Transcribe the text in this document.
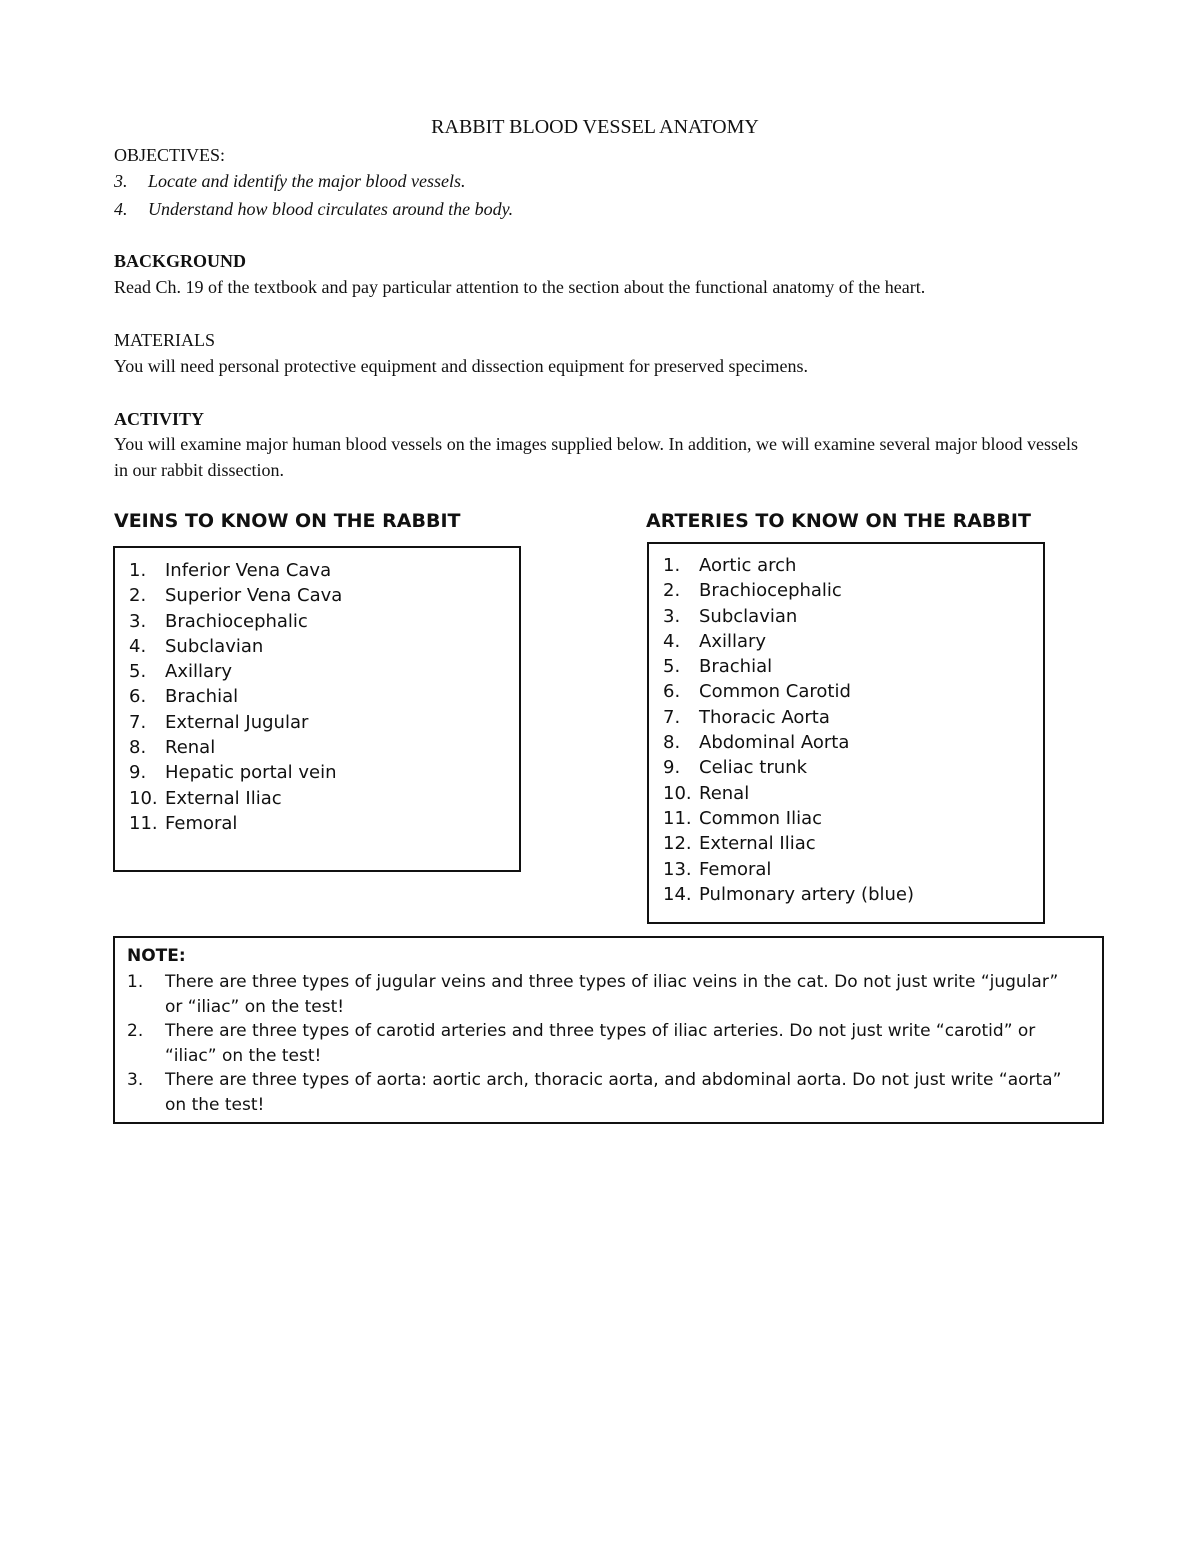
RABBIT BLOOD VESSEL ANATOMY
OBJECTIVES:
3. Locate and identify the major blood vessels.
4. Understand how blood circulates around the body.
BACKGROUND
Read Ch. 19 of the textbook and pay particular attention to the section about the functional anatomy of the heart.
MATERIALS
You will need personal protective equipment and dissection equipment for preserved specimens.
ACTIVITY
You will examine major human blood vessels on the images supplied below. In addition, we will examine several major blood vessels in our rabbit dissection.
VEINS TO KNOW ON THE RABBIT	ARTERIES TO KNOW ON THE RABBIT
1. Inferior Vena Cava
2. Superior Vena Cava
3. Brachiocephalic
4. Subclavian
5. Axillary
6. Brachial
7. External Jugular
8. Renal
9. Hepatic portal vein
10. External Iliac
11. Femoral
1. Aortic arch
2. Brachiocephalic
3. Subclavian
4. Axillary
5. Brachial
6. Common Carotid
7. Thoracic Aorta
8. Abdominal Aorta
9. Celiac trunk
10. Renal
11. Common Iliac
12. External Iliac
13. Femoral
14. Pulmonary artery (blue)
NOTE:
1.	There are three types of jugular veins and three types of iliac veins in the cat. Do not just write “jugular” or “iliac” on the test!
2.	There are three types of carotid arteries and three types of iliac arteries. Do not just write “carotid” or “iliac” on the test!
3.	There are three types of aorta: aortic arch, thoracic aorta, and abdominal aorta. Do not just write “aorta” on the test!
